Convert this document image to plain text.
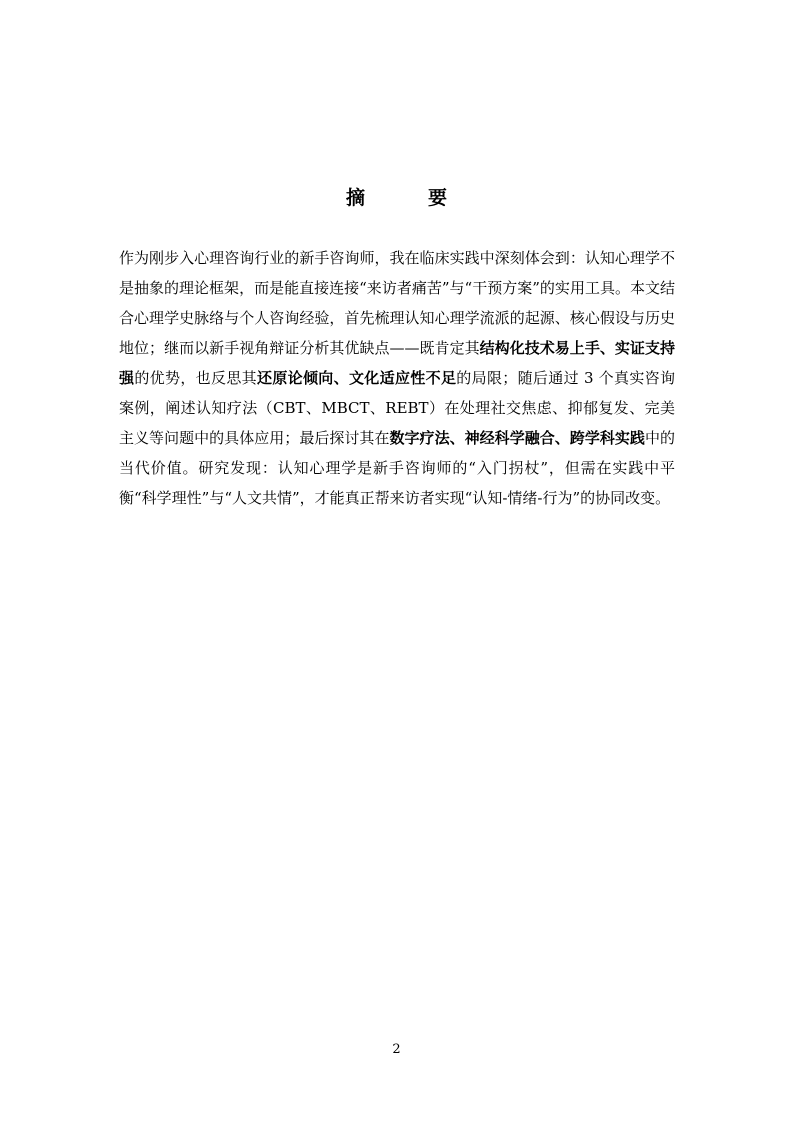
摘　要

作为刚步入心理咨询行业的新手咨询师，我在临床实践中深刻体会到：认知心理学不是抽象的理论框架，而是能直接连接“来访者痛苦”与“干预方案”的实用工具。本文结合心理学史脉络与个人咨询经验，首先梳理认知心理学流派的起源、核心假设与历史地位；继而以新手视角辩证分析其优缺点——既肯定其结构化技术易上手、实证支持强的优势，也反思其还原论倾向、文化适应性不足的局限；随后通过 3 个真实咨询案例，阐述认知疗法（CBT、MBCT、REBT）在处理社交焦虑、抑郁复发、完美主义等问题中的具体应用；最后探讨其在数字疗法、神经科学融合、跨学科实践中的当代价值。研究发现：认知心理学是新手咨询师的“入门拐杖”，但需在实践中平衡“科学理性”与“人文共情”，才能真正帮来访者实现“认知-情绪-行为”的协同改变。

2
